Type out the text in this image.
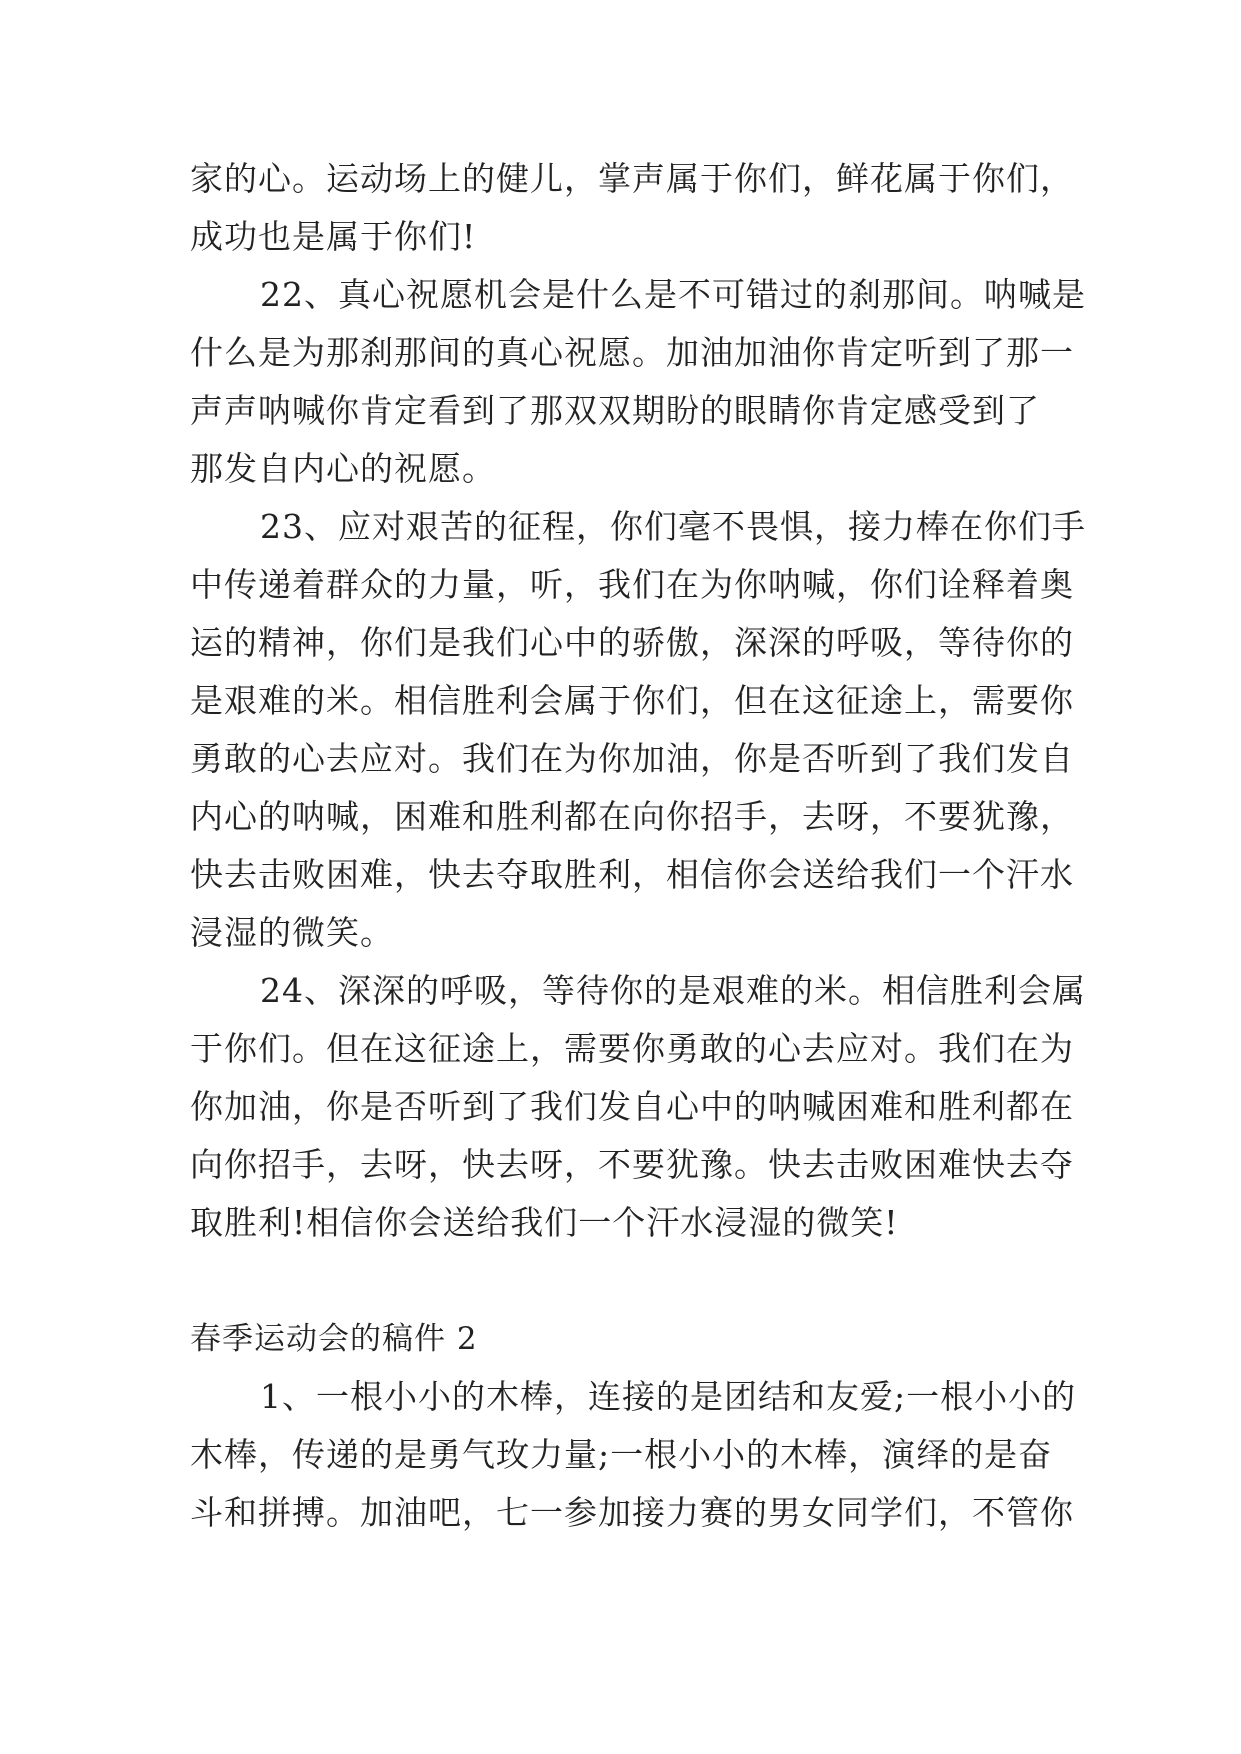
家的心。运动场上的健儿，掌声属于你们，鲜花属于你们，
成功也是属于你们!
22、真心祝愿机会是什么是不可错过的刹那间。呐喊是
什么是为那刹那间的真心祝愿。加油加油你肯定听到了那一
声声呐喊你肯定看到了那双双期盼的眼睛你肯定感受到了
那发自内心的祝愿。
23、应对艰苦的征程，你们毫不畏惧，接力棒在你们手
中传递着群众的力量，听，我们在为你呐喊，你们诠释着奥
运的精神，你们是我们心中的骄傲，深深的呼吸，等待你的
是艰难的米。相信胜利会属于你们，但在这征途上，需要你
勇敢的心去应对。我们在为你加油，你是否听到了我们发自
内心的呐喊，困难和胜利都在向你招手，去呀，不要犹豫，
快去击败困难，快去夺取胜利，相信你会送给我们一个汗水
浸湿的微笑。
24、深深的呼吸，等待你的是艰难的米。相信胜利会属
于你们。但在这征途上，需要你勇敢的心去应对。我们在为
你加油，你是否听到了我们发自心中的呐喊困难和胜利都在
向你招手，去呀，快去呀，不要犹豫。快去击败困难快去夺
取胜利!相信你会送给我们一个汗水浸湿的微笑!
春季运动会的稿件 2
1、一根小小的木棒，连接的是团结和友爱;一根小小的
木棒，传递的是勇气玫力量;一根小小的木棒，演绎的是奋
斗和拼搏。加油吧，七一参加接力赛的男女同学们，不管你
